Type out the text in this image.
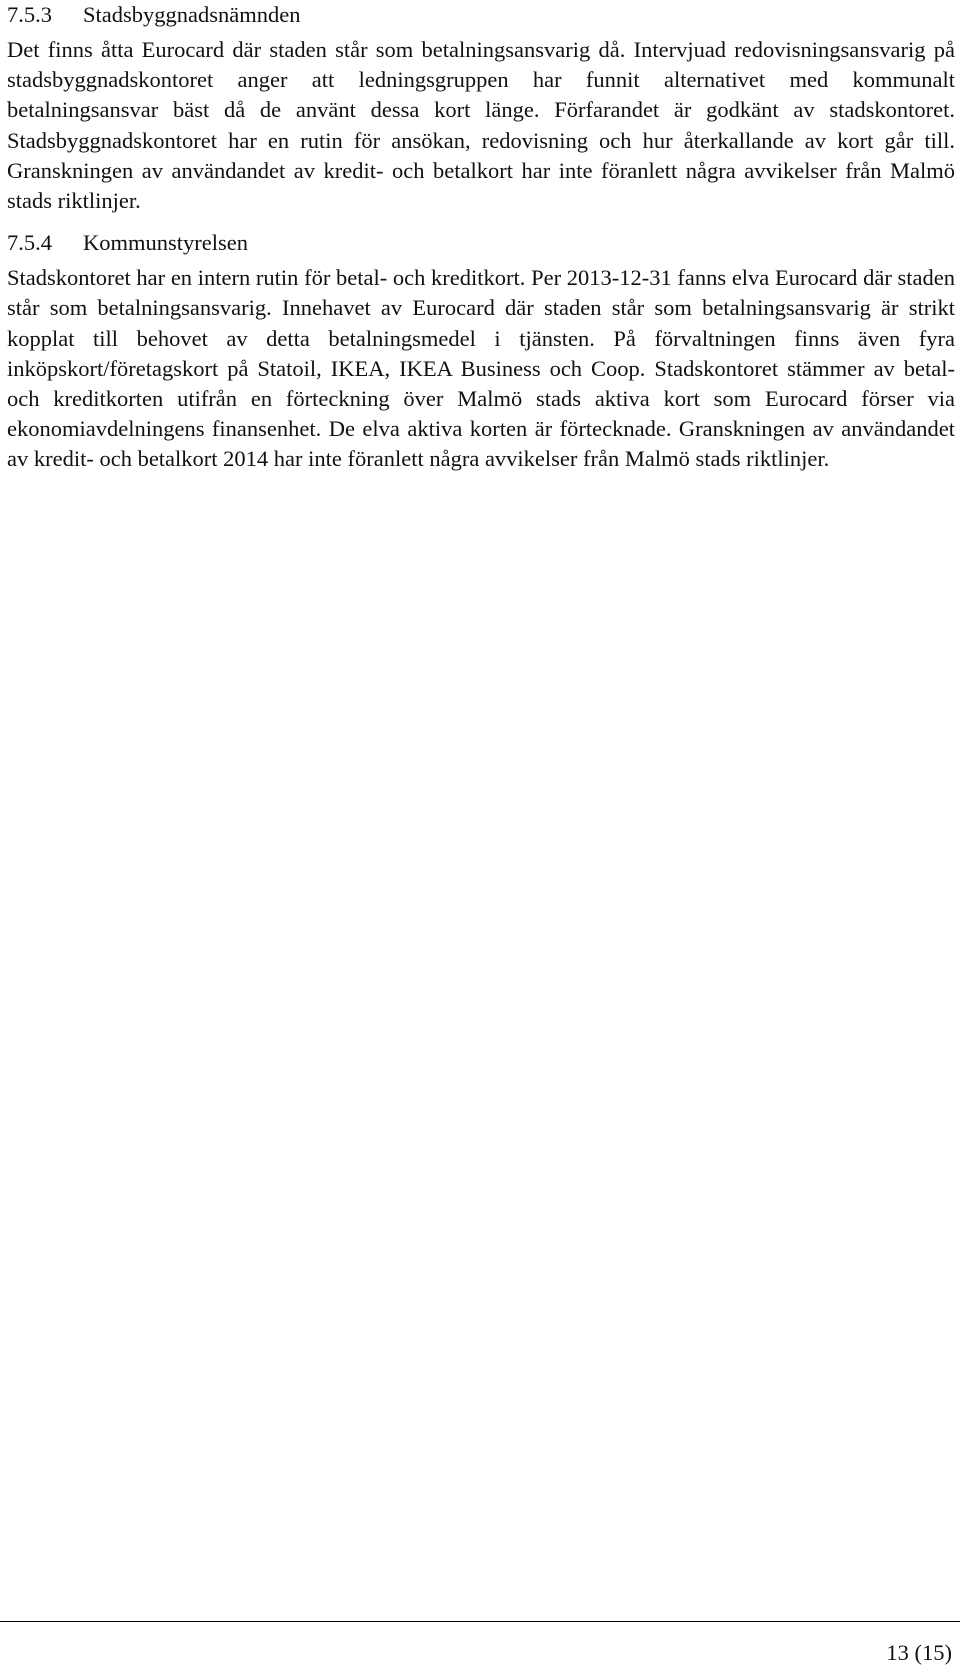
7.5.3	Stadsbyggnadsnämnden

Det finns åtta Eurocard där staden står som betalningsansvarig då. Intervjuad redovisningsansvarig på stadsbyggnadskontoret anger att ledningsgruppen har funnit alternativet med kommunalt betalningsansvar bäst då de använt dessa kort länge. Förfarandet är godkänt av stadskontoret. Stadsbyggnadskontoret har en rutin för ansökan, redovisning och hur återkallande av kort går till. Granskningen av användandet av kredit- och betalkort har inte föranlett några avvikelser från Malmö stads riktlinjer.

7.5.4	Kommunstyrelsen

Stadskontoret har en intern rutin för betal- och kreditkort. Per 2013-12-31 fanns elva Eurocard där staden står som betalningsansvarig. Innehavet av Eurocard där staden står som betalningsansvarig är strikt kopplat till behovet av detta betalningsmedel i tjänsten. På förvaltningen finns även fyra inköpskort/företagskort på Statoil, IKEA, IKEA Business och Coop. Stadskontoret stämmer av betal- och kreditkorten utifrån en förteckning över Malmö stads aktiva kort som Eurocard förser via ekonomiavdelningens finansenhet. De elva aktiva korten är förtecknade. Granskningen av användandet av kredit- och betalkort 2014 har inte föranlett några avvikelser från Malmö stads riktlinjer.

13 (15)
